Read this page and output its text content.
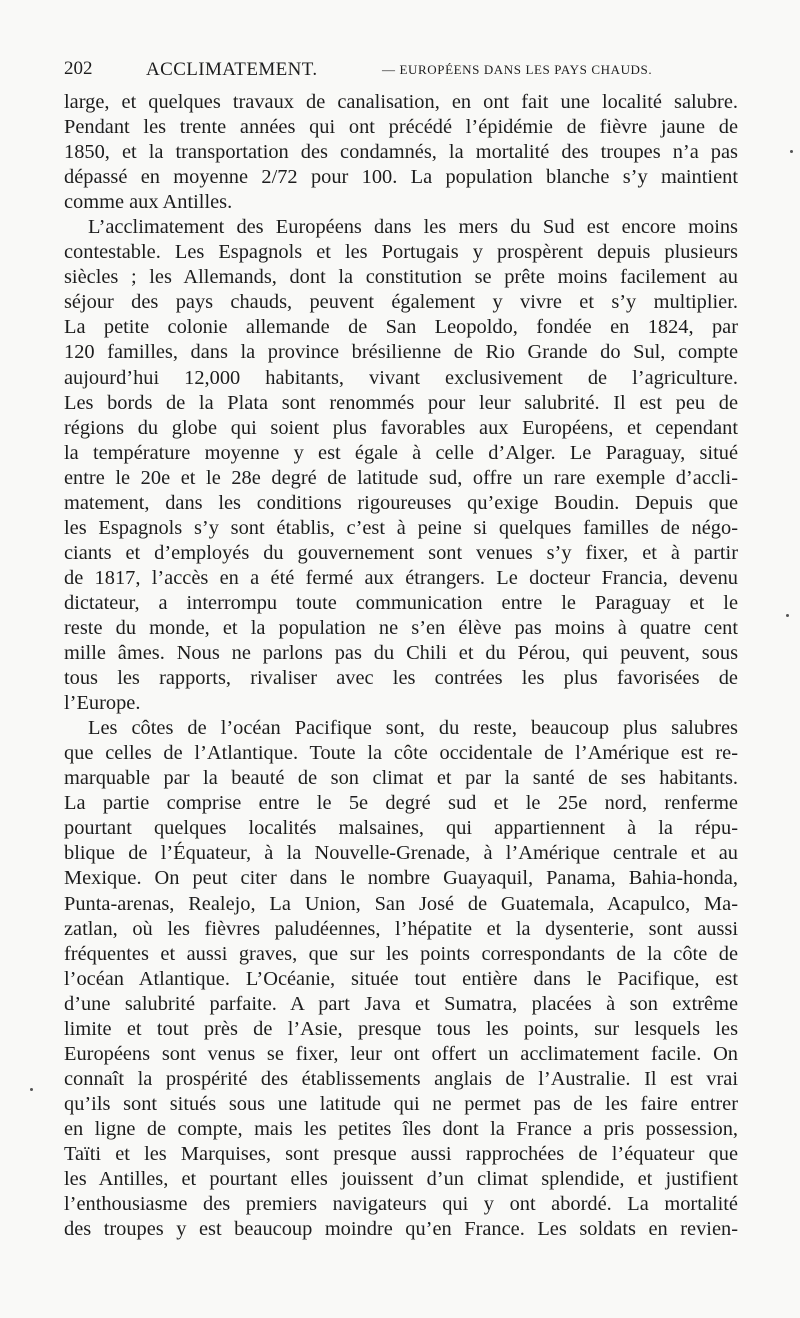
202	ACCLIMATEMENT.	— EUROPÉENS DANS LES PAYS CHAUDS.
large, et quelques travaux de canalisation, en ont fait une localité salubre.
Pendant les trente années qui ont précédé l’épidémie de fièvre jaune de
1850, et la transportation des condamnés, la mortalité des troupes n’a pas
dépassé en moyenne 2/72 pour 100. La population blanche s’y maintient
comme aux Antilles.
L’acclimatement des Européens dans les mers du Sud est encore moins
contestable. Les Espagnols et les Portugais y prospèrent depuis plusieurs
siècles ; les Allemands, dont la constitution se prête moins facilement au
séjour des pays chauds, peuvent également y vivre et s’y multiplier.
La petite colonie allemande de San Leopoldo, fondée en 1824, par
120 familles, dans la province brésilienne de Rio Grande do Sul, compte
aujourd’hui 12,000 habitants, vivant exclusivement de l’agriculture.
Les bords de la Plata sont renommés pour leur salubrité. Il est peu de
régions du globe qui soient plus favorables aux Européens, et cependant
la température moyenne y est égale à celle d’Alger. Le Paraguay, situé
entre le 20e et le 28e degré de latitude sud, offre un rare exemple d’accli-
matement, dans les conditions rigoureuses qu’exige Boudin. Depuis que
les Espagnols s’y sont établis, c’est à peine si quelques familles de négo-
ciants et d’employés du gouvernement sont venues s’y fixer, et à partir
de 1817, l’accès en a été fermé aux étrangers. Le docteur Francia, devenu
dictateur, a interrompu toute communication entre le Paraguay et le
reste du monde, et la population ne s’en élève pas moins à quatre cent
mille âmes. Nous ne parlons pas du Chili et du Pérou, qui peuvent, sous
tous les rapports, rivaliser avec les contrées les plus favorisées de
l’Europe.
Les côtes de l’océan Pacifique sont, du reste, beaucoup plus salubres
que celles de l’Atlantique. Toute la côte occidentale de l’Amérique est re-
marquable par la beauté de son climat et par la santé de ses habitants.
La partie comprise entre le 5e degré sud et le 25e nord, renferme
pourtant quelques localités malsaines, qui appartiennent à la répu-
blique de l’Équateur, à la Nouvelle-Grenade, à l’Amérique centrale et au
Mexique. On peut citer dans le nombre Guayaquil, Panama, Bahia-honda,
Punta-arenas, Realejo, La Union, San José de Guatemala, Acapulco, Ma-
zatlan, où les fièvres paludéennes, l’hépatite et la dysenterie, sont aussi
fréquentes et aussi graves, que sur les points correspondants de la côte de
l’océan Atlantique. L’Océanie, située tout entière dans le Pacifique, est
d’une salubrité parfaite. A part Java et Sumatra, placées à son extrême
limite et tout près de l’Asie, presque tous les points, sur lesquels les
Européens sont venus se fixer, leur ont offert un acclimatement facile. On
connaît la prospérité des établissements anglais de l’Australie. Il est vrai
qu’ils sont situés sous une latitude qui ne permet pas de les faire entrer
en ligne de compte, mais les petites îles dont la France a pris possession,
Taïti et les Marquises, sont presque aussi rapprochées de l’équateur que
les Antilles, et pourtant elles jouissent d’un climat splendide, et justifient
l’enthousiasme des premiers navigateurs qui y ont abordé. La mortalité
des troupes y est beaucoup moindre qu’en France. Les soldats en revien-
